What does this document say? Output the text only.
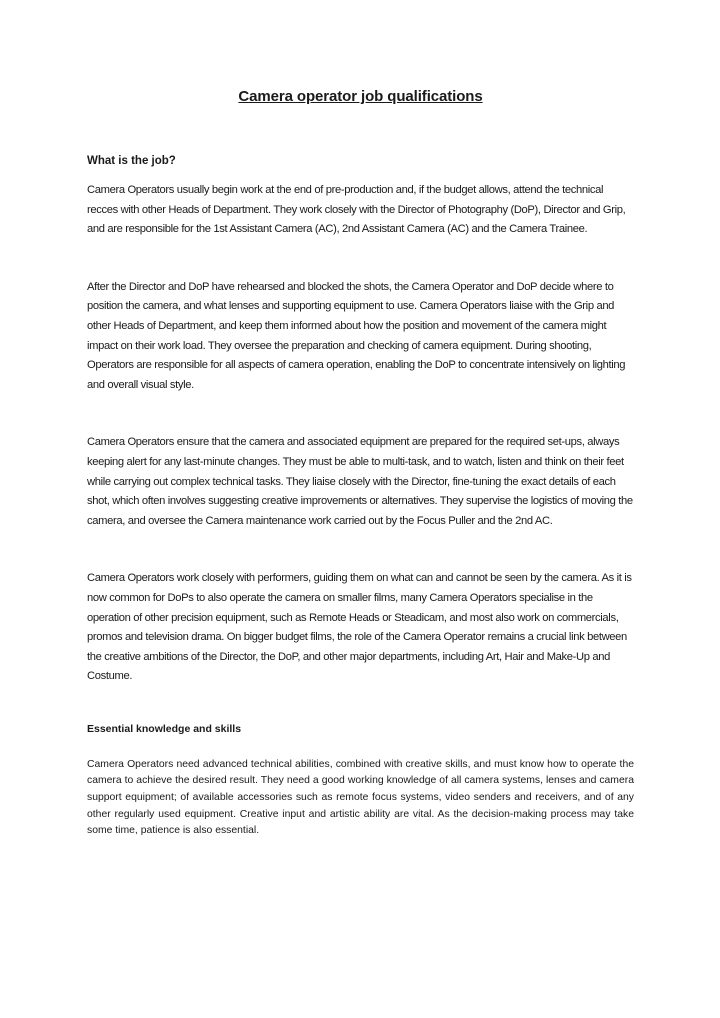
Camera operator job qualifications
What is the job?

Camera Operators usually begin work at the end of pre-production and, if the budget allows, attend the technical recces with other Heads of Department. They work closely with the Director of Photography (DoP), Director and Grip, and are responsible for the 1st Assistant Camera (AC), 2nd Assistant Camera (AC) and the Camera Trainee.

After the Director and DoP have rehearsed and blocked the shots, the Camera Operator and DoP decide where to position the camera, and what lenses and supporting equipment to use. Camera Operators liaise with the Grip and other Heads of Department, and keep them informed about how the position and movement of the camera might impact on their work load. They oversee the preparation and checking of camera equipment. During shooting, Operators are responsible for all aspects of camera operation, enabling the DoP to concentrate intensively on lighting and overall visual style.

Camera Operators ensure that the camera and associated equipment are prepared for the required set-ups, always keeping alert for any last-minute changes. They must be able to multi-task, and to watch, listen and think on their feet while carrying out complex technical tasks. They liaise closely with the Director, fine-tuning the exact details of each shot, which often involves suggesting creative improvements or alternatives. They supervise the logistics of moving the camera, and oversee the Camera maintenance work carried out by the Focus Puller and the 2nd AC.

Camera Operators work closely with performers, guiding them on what can and cannot be seen by the camera. As it is now common for DoPs to also operate the camera on smaller films, many Camera Operators specialise in the operation of other precision equipment, such as Remote Heads or Steadicam, and most also work on commercials, promos and television drama. On bigger budget films, the role of the Camera Operator remains a crucial link between the creative ambitions of the Director, the DoP, and other major departments, including Art, Hair and Make-Up and Costume.

Essential knowledge and skills

Camera Operators need advanced technical abilities, combined with creative skills, and must know how to operate the camera to achieve the desired result. They need a good working knowledge of all camera systems, lenses and camera support equipment; of available accessories such as remote focus systems, video senders and receivers, and of any other regularly used equipment. Creative input and artistic ability are vital. As the decision-making process may take some time, patience is also essential.
